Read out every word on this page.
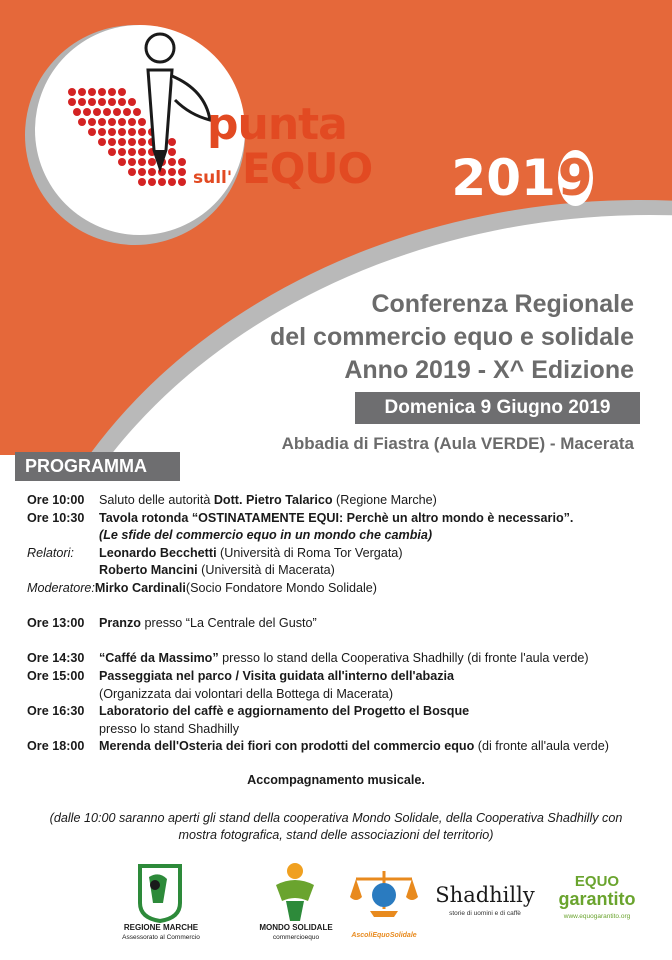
punta
sull' EQUO 201 9
Conferenza Regionale
del commercio equo e solidale
Anno 2019 - X^ Edizione
Domenica 9 Giugno 2019
Abbadia di Fiastra (Aula VERDE) - Macerata
PROGRAMMA
Ore 10:00	Saluto delle autorità Dott. Pietro Talarico (Regione Marche)
Ore 10:30	Tavola rotonda “OSTINATAMENTE EQUI: Perchè un altro mondo è necessario”.
(Le sfide del commercio equo in un mondo che cambia)
Relatori:	Leonardo Becchetti (Università di Roma Tor Vergata)
Roberto Mancini (Università di Macerata)
Moderatore: Mirko Cardinali (Socio Fondatore Mondo Solidale)
Ore 13:00	Pranzo presso “La Centrale del Gusto”
Ore 14:30	“Caffé da Massimo” presso lo stand della Cooperativa Shadhilly (di fronte l'aula verde)
Ore 15:00	Passeggiata nel parco / Visita guidata all'interno dell'abazia
(Organizzata dai volontari della Bottega di Macerata)
Ore 16:30	Laboratorio del caffè e aggiornamento del Progetto el Bosque
presso lo stand Shadhilly
Ore 18:00	Merenda dell'Osteria dei fiori con prodotti del commercio equo (di fronte all'aula verde)
Accompagnamento musicale.
(dalle 10:00 saranno aperti gli stand della cooperativa Mondo Solidale, della Cooperativa Shadhilly con
mostra fotografica, stand delle associazioni del territorio)
REGIONE MARCHE
Assessorato al Commercio
MONDO SOLIDALE
commercioequo	AscoliEquoSolidale
Shadhilly
storie di uomini e di caffè
EQUO
garantito
www.equogarantito.org
